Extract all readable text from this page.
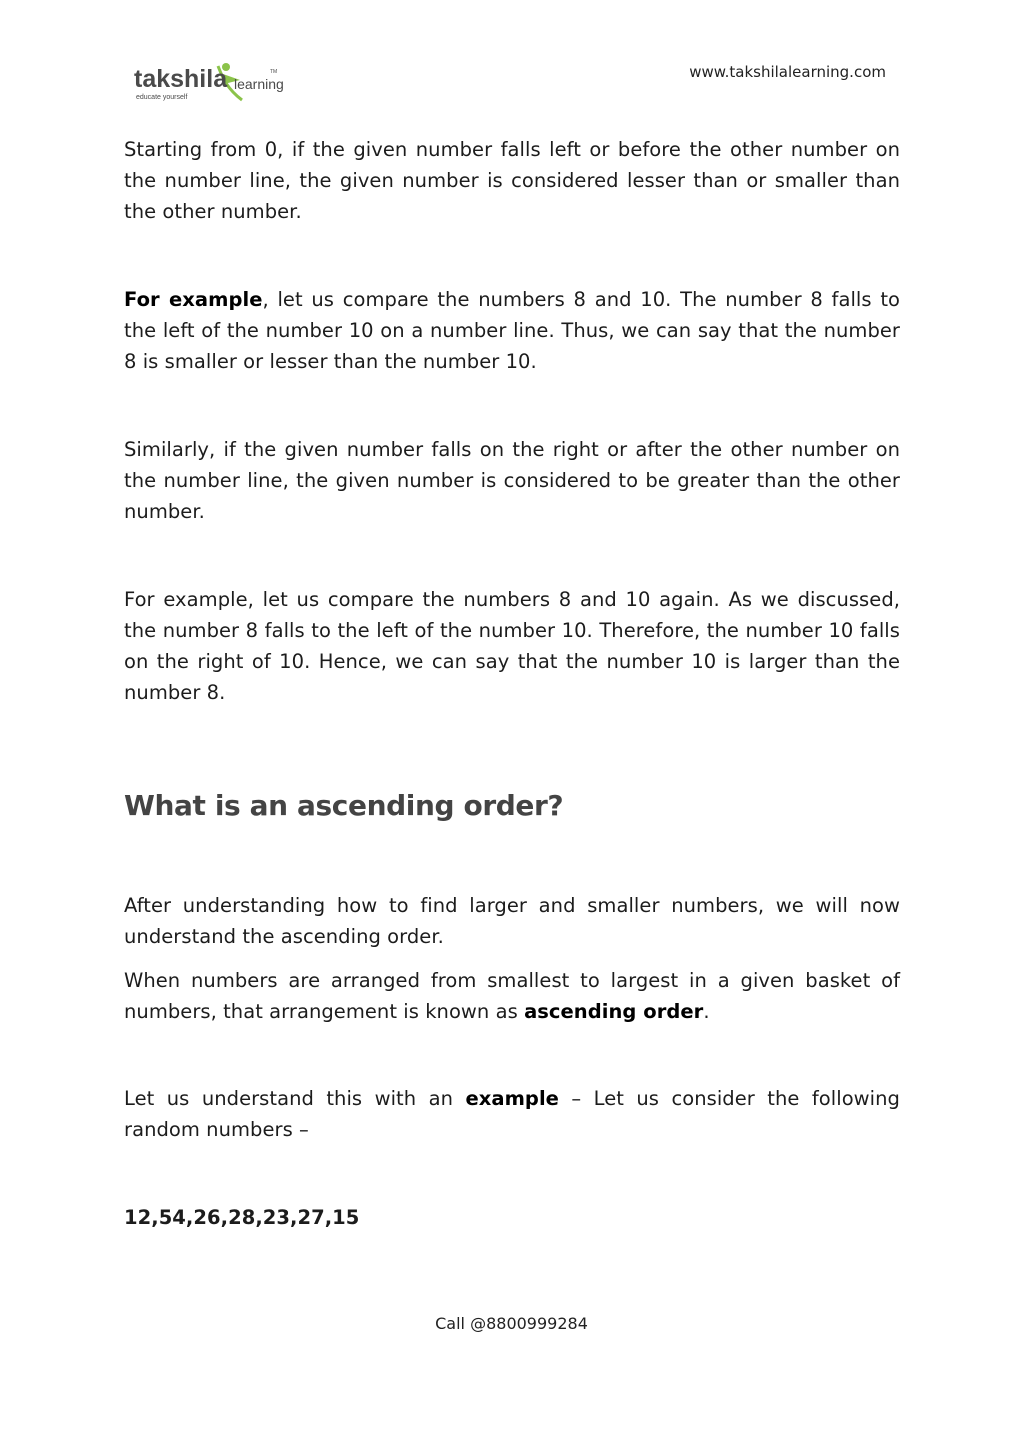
takshila learning
educate yourself
TM	www.takshilalearning.com

Starting from 0, if the given number falls left or before the other number on the number line, the given number is considered lesser than or smaller than the other number.

For example, let us compare the numbers 8 and 10. The number 8 falls to the left of the number 10 on a number line. Thus, we can say that the number 8 is smaller or lesser than the number 10.

Similarly, if the given number falls on the right or after the other number on the number line, the given number is considered to be greater than the other number.

For example, let us compare the numbers 8 and 10 again. As we discussed, the number 8 falls to the left of the number 10. Therefore, the number 10 falls on the right of 10. Hence, we can say that the number 10 is larger than the number 8.

What is an ascending order?

After understanding how to find larger and smaller numbers, we will now understand the ascending order.

When numbers are arranged from smallest to largest in a given basket of numbers, that arrangement is known as ascending order.

Let us understand this with an example – Let us consider the following random numbers –

12,54,26,28,23,27,15

Call @8800999284
